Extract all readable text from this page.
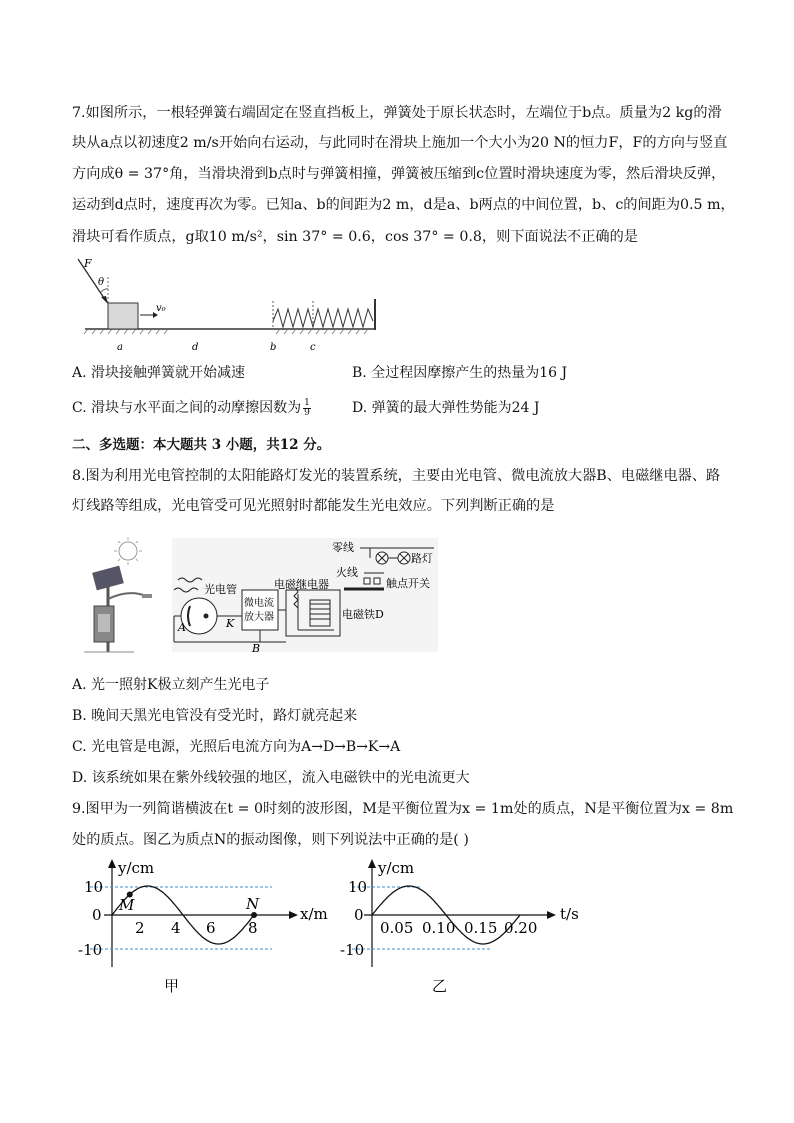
7.如图所示，一根轻弹簧右端固定在竖直挡板上，弹簧处于原长状态时，左端位于b点。质量为2 kg的滑
块从a点以初速度2 m/s开始向右运动，与此同时在滑块上施加一个大小为20 N的恒力F，F的方向与竖直
方向成θ = 37°角，当滑块滑到b点时与弹簧相撞，弹簧被压缩到c位置时滑块速度为零，然后滑块反弹，
运动到d点时，速度再次为零。已知a、b的间距为2 m，d是a、b两点的中间位置，b、c的间距为0.5 m，
滑块可看作质点，g取10 m/s²，sin 37° = 0.6，cos 37° = 0.8，则下面说法不正确的是
F
θ
v₀
a	d	b	c
A. 滑块接触弹簧就开始减速	B. 全过程因摩擦产生的热量为16 J
C. 滑块与水平面之间的动摩擦因数为 $\frac{1}{9}$	D. 弹簧的最大弹性势能为24 J
二、多选题：本大题共 3 小题，共12 分。
8.图为利用光电管控制的太阳能路灯发光的装置系统，主要由光电管、微电流放大器B、电磁继电器、路
灯线路等组成，光电管受可见光照射时都能发生光电效应。下列判断正确的是
零线
火线
路灯
触点开关
电磁继电器
光电管
微电流
放大器	电磁铁D
A	K
B
A. 光一照射K极立刻产生光电子
B. 晚间天黑光电管没有受光时，路灯就亮起来
C. 光电管是电源，光照后电流方向为A→D→B→K→A
D. 该系统如果在紫外线较强的地区，流入电磁铁中的光电流更大
9.图甲为一列简谐横波在t = 0时刻的波形图，M是平衡位置为x = 1m处的质点，N是平衡位置为x = 8m
处的质点。图乙为质点N的振动图像，则下列说法中正确的是( )
y/cm
x/m
10
0
-10
2 4 6 8
M	N
甲
y/cm
t/s
10
0
-10
0.05 0.10 0.15 0.20
乙
